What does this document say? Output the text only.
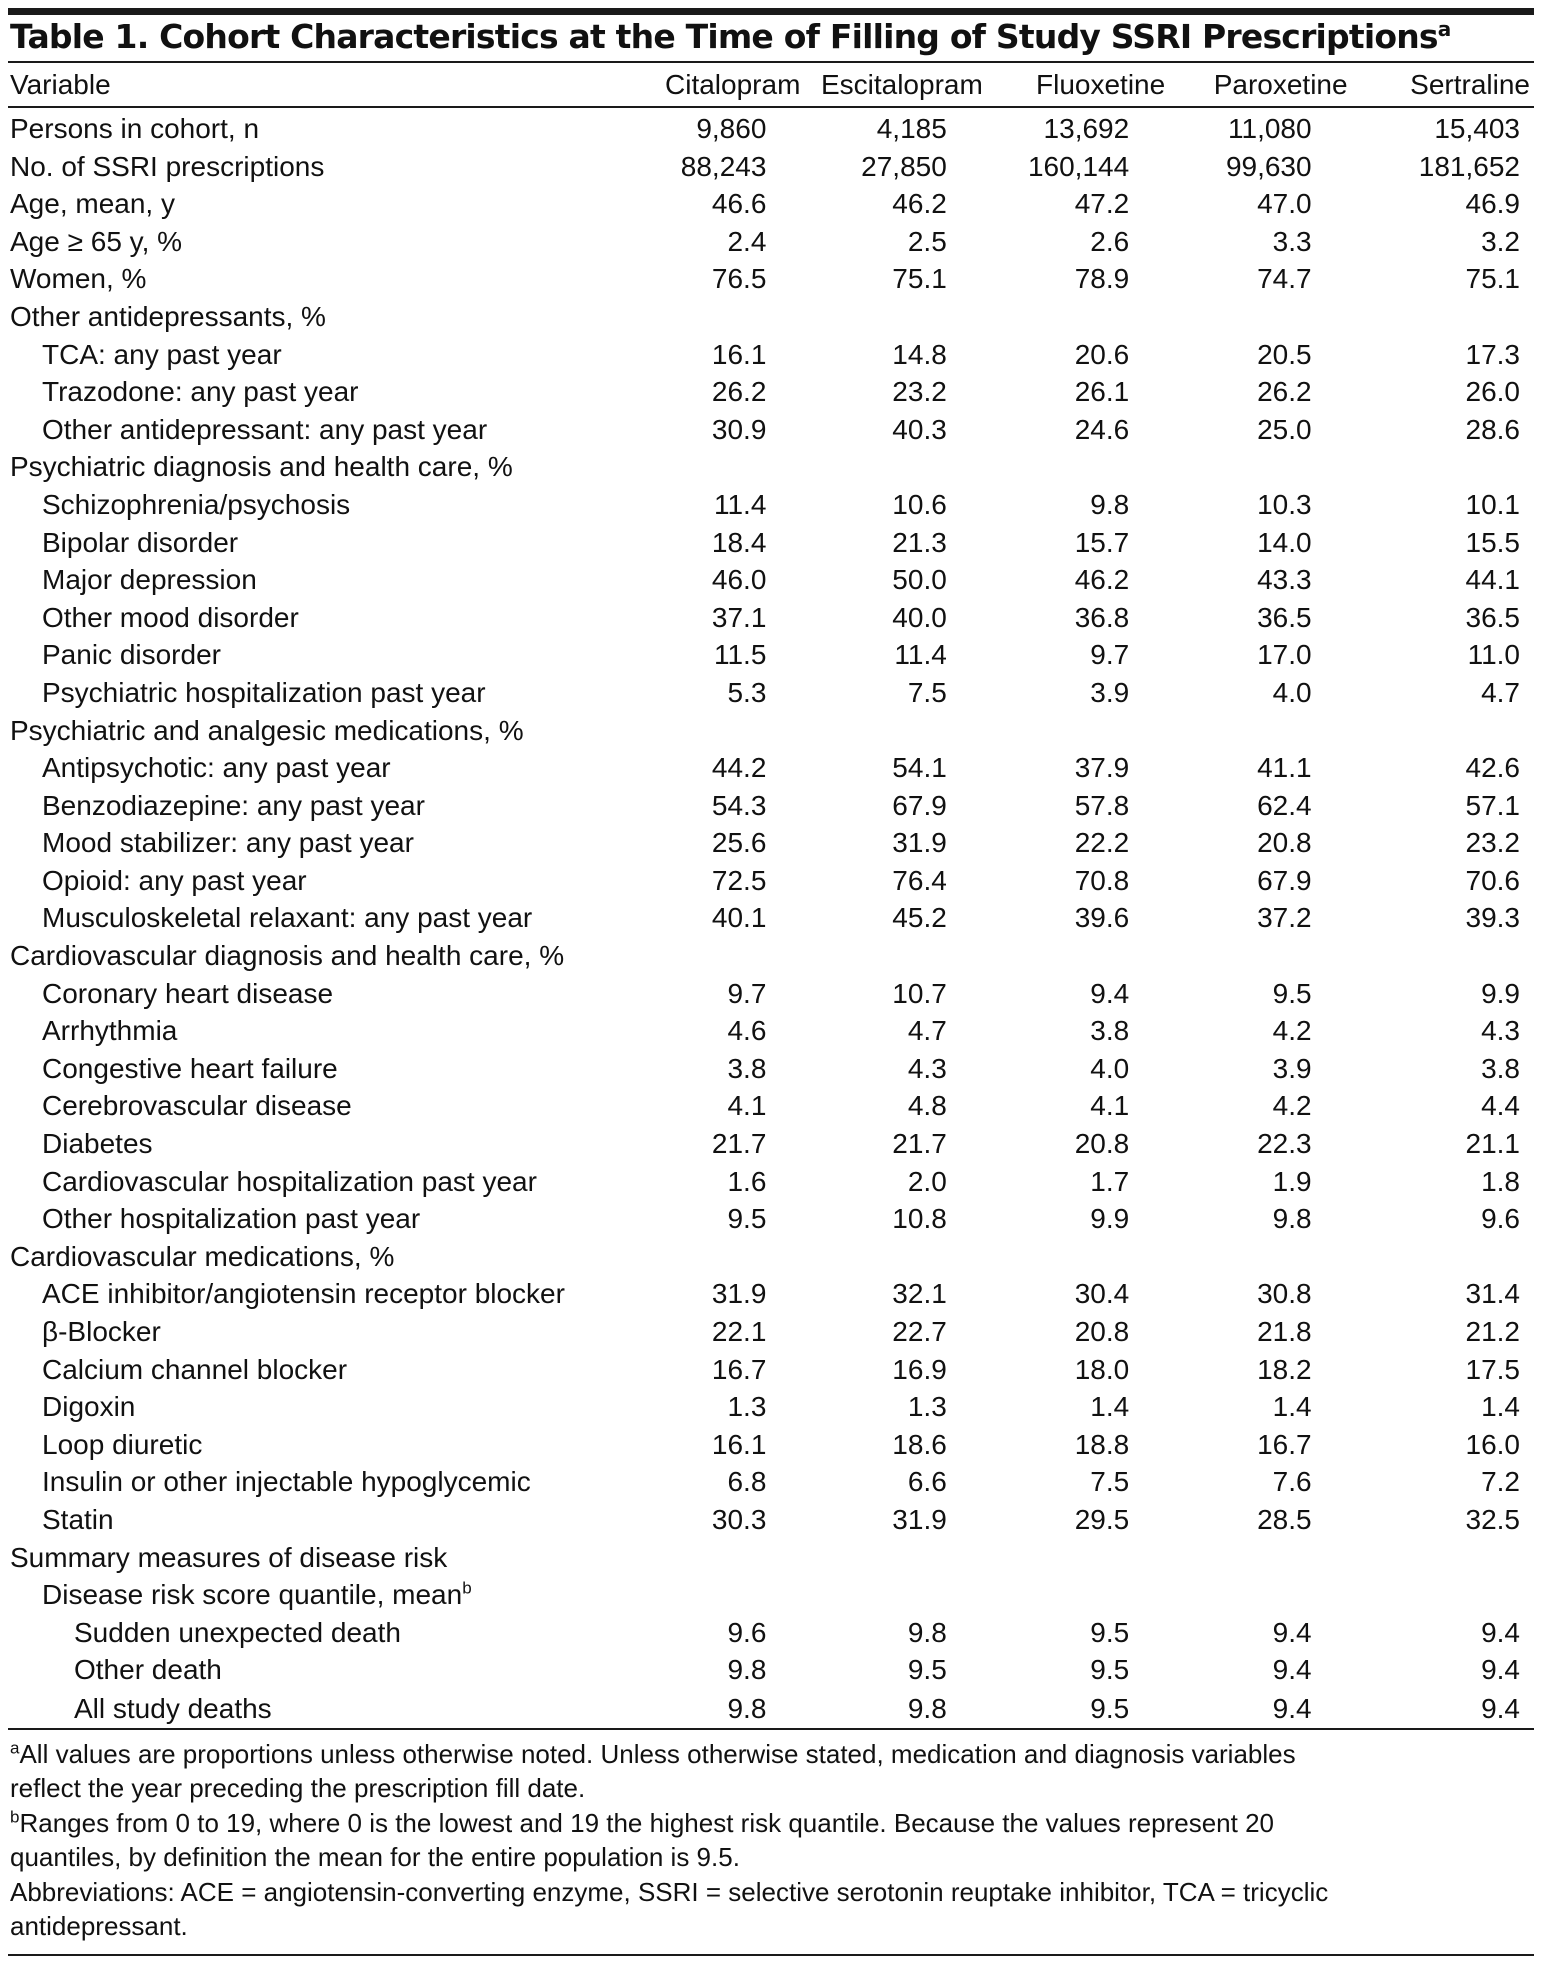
Table 1. Cohort Characteristics at the Time of Filling of Study SSRI Prescriptions$^a$
Variable	Citalopram	Escitalopram	Fluoxetine	Paroxetine	Sertraline
Persons in cohort, n	9,860	4,185	13,692	11,080	15,403
No. of SSRI prescriptions	88,243	27,850	160,144	99,630	181,652
Age, mean, y	46.6	46.2	47.2	47.0	46.9
Age ≥ 65 y, %	2.4	2.5	2.6	3.3	3.2
Women, %	76.5	75.1	78.9	74.7	75.1
Other antidepressants, %					
TCA: any past year	16.1	14.8	20.6	20.5	17.3
Trazodone: any past year	26.2	23.2	26.1	26.2	26.0
Other antidepressant: any past year	30.9	40.3	24.6	25.0	28.6
Psychiatric diagnosis and health care, %					
Schizophrenia/psychosis	11.4	10.6	9.8	10.3	10.1
Bipolar disorder	18.4	21.3	15.7	14.0	15.5
Major depression	46.0	50.0	46.2	43.3	44.1
Other mood disorder	37.1	40.0	36.8	36.5	36.5
Panic disorder	11.5	11.4	9.7	17.0	11.0
Psychiatric hospitalization past year	5.3	7.5	3.9	4.0	4.7
Psychiatric and analgesic medications, %					
Antipsychotic: any past year	44.2	54.1	37.9	41.1	42.6
Benzodiazepine: any past year	54.3	67.9	57.8	62.4	57.1
Mood stabilizer: any past year	25.6	31.9	22.2	20.8	23.2
Opioid: any past year	72.5	76.4	70.8	67.9	70.6
Musculoskeletal relaxant: any past year	40.1	45.2	39.6	37.2	39.3
Cardiovascular diagnosis and health care, %					
Coronary heart disease	9.7	10.7	9.4	9.5	9.9
Arrhythmia	4.6	4.7	3.8	4.2	4.3
Congestive heart failure	3.8	4.3	4.0	3.9	3.8
Cerebrovascular disease	4.1	4.8	4.1	4.2	4.4
Diabetes	21.7	21.7	20.8	22.3	21.1
Cardiovascular hospitalization past year	1.6	2.0	1.7	1.9	1.8
Other hospitalization past year	9.5	10.8	9.9	9.8	9.6
Cardiovascular medications, %					
ACE inhibitor/angiotensin receptor blocker	31.9	32.1	30.4	30.8	31.4
β-Blocker	22.1	22.7	20.8	21.8	21.2
Calcium channel blocker	16.7	16.9	18.0	18.2	17.5
Digoxin	1.3	1.3	1.4	1.4	1.4
Loop diuretic	16.1	18.6	18.8	16.7	16.0
Insulin or other injectable hypoglycemic	6.8	6.6	7.5	7.6	7.2
Statin	30.3	31.9	29.5	28.5	32.5
Summary measures of disease risk					
Disease risk score quantile, mean$^b$					
Sudden unexpected death	9.6	9.8	9.5	9.4	9.4
Other death	9.8	9.5	9.5	9.4	9.4
All study deaths	9.8	9.8	9.5	9.4	9.4
$^a$All values are proportions unless otherwise noted. Unless otherwise stated, medication and diagnosis variables
reflect the year preceding the prescription fill date.
$^b$Ranges from 0 to 19, where 0 is the lowest and 19 the highest risk quantile. Because the values represent 20
quantiles, by definition the mean for the entire population is 9.5.
Abbreviations: ACE = angiotensin-converting enzyme, SSRI = selective serotonin reuptake inhibitor, TCA = tricyclic
antidepressant.
